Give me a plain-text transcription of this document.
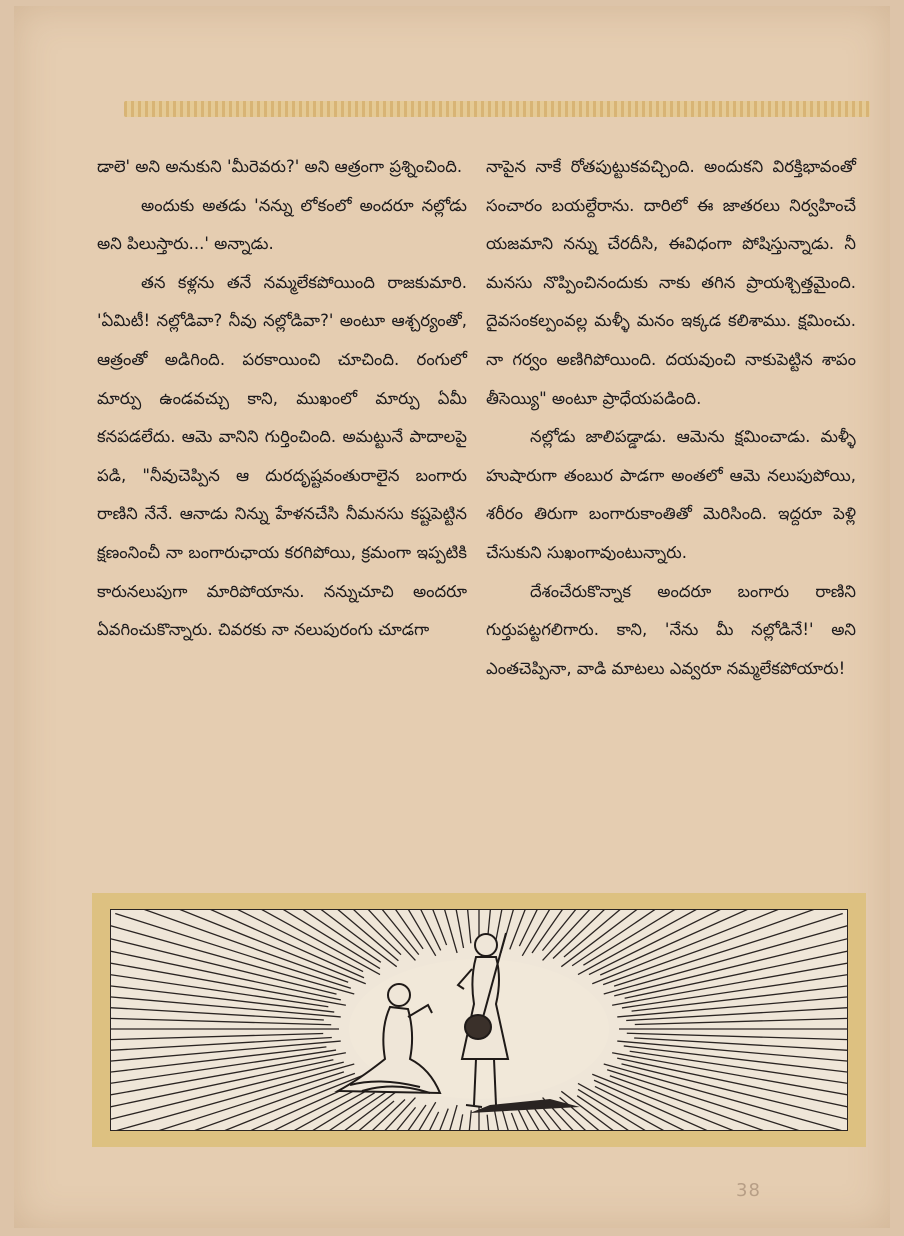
డాలె' అని అనుకుని 'మీరెవరు?' అని ఆత్రంగా ప్రశ్నించింది.

అందుకు అతడు 'నన్ను లోకంలో అందరూ నల్లోడు అని పిలుస్తారు...' అన్నాడు.

తన కళ్లను తనే నమ్మలేకపోయింది రాజకుమారి. 'ఏమిటీ! నల్లోడివా? నీవు నల్లోడివా?' అంటూ ఆశ్చర్యంతో, ఆత్రంతో అడిగింది. పరకాయించి చూచింది. రంగులో మార్పు ఉండవచ్చు కాని, ముఖంలో మార్పు ఏమీ కనపడలేదు. ఆమె వానిని గుర్తించింది. అమట్టునే పాదాలపై పడి, "నీవుచెప్పిన ఆ దురదృష్టవంతురాలైన బంగారు రాణిని నేనే. ఆనాడు నిన్ను హేళనచేసి నీమనసు కష్టపెట్టిన క్షణంనించీ నా బంగారుఛాయ కరగిపోయి, క్రమంగా ఇప్పటికి కారునలుపుగా మారిపోయాను. నన్నుచూచి అందరూ ఏవగించుకొన్నారు. చివరకు నా నలుపురంగు చూడగా

నాపైన నాకే రోతపుట్టుకవచ్చింది. అందుకని విరక్తిభావంతో సంచారం బయల్దేరాను. దారిలో ఈ జాతరలు నిర్వహించే యజమాని నన్ను చేరదీసి, ఈవిధంగా పోషిస్తున్నాడు. నీ మనసు నొప్పించినందుకు నాకు తగిన ప్రాయశ్చిత్తమైంది. దైవసంకల్పంవల్ల మళ్ళీ మనం ఇక్కడ కలిశాము. క్షమించు. నా గర్వం అణిగిపోయింది. దయవుంచి నాకుపెట్టిన శాపం తీసెయ్యి" అంటూ ప్రాధేయపడింది.

నల్లోడు జాలిపడ్డాడు. ఆమెను క్షమించాడు. మళ్ళీ హుషారుగా తంబుర పాడగా అంతలో ఆమె నలుపుపోయి, శరీరం తిరుగా బంగారుకాంతితో మెరిసింది. ఇద్దరూ పెళ్లి చేసుకుని సుఖంగావుంటున్నారు.

దేశంచేరుకొన్నాక అందరూ బంగారు రాణిని గుర్తుపట్టగలిగారు. కాని, 'నేను మీ నల్లోడినే!' అని ఎంతచెప్పినా, వాడి మాటలు ఎవ్వరూ నమ్మలేకపోయారు!

38
